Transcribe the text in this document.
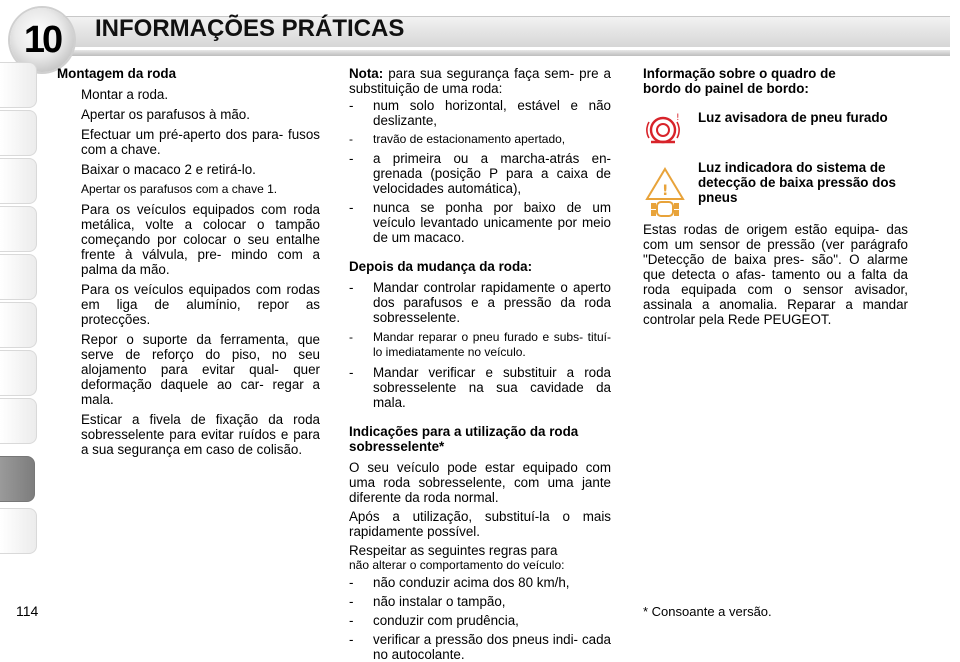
10	INFORMAÇÕES PRÁTICAS
114

Montagem da roda

Montar a roda.
Apertar os parafusos à mão.
Efectuar um pré-aperto dos para- fusos com a chave.
Baixar o macaco 2 e retirá-lo.
Apertar os parafusos com a chave 1.
Para os veículos equipados com roda metálica, volte a colocar o tampão começando por colocar o seu entalhe frente à válvula, pre- mindo com a palma da mão.
Para os veículos equipados com rodas em liga de alumínio, repor as protecções.
Repor o suporte da ferramenta, que serve de reforço do piso, no seu alojamento para evitar qual- quer deformação daquele ao car- regar a mala.
Esticar a fivela de fixação da roda sobresselente para evitar ruídos e para a sua segurança em caso de colisão.

Nota: para sua segurança faça sem- pre a substituição de uma roda:

- num solo horizontal, estável e não deslizante,
- travão de estacionamento apertado,
- a primeira ou a marcha-atrás en- grenada (posição P para a caixa de velocidades automática),
- nunca se ponha por baixo de um veículo levantado unicamente por meio de um macaco.

Depois da mudança da roda:

- Mandar controlar rapidamente o aperto dos parafusos e a pressão da roda sobresselente.
- Mandar reparar o pneu furado e subs- tituí-lo imediatamente no veículo.
- Mandar verificar e substituir a roda sobresselente na sua cavidade da mala.

Indicações para a utilização da roda sobresselente*

O seu veículo pode estar equipado com uma roda sobresselente, com uma jante diferente da roda normal.

Após a utilização, substituí-la o mais rapidamente possível.

Respeitar as seguintes regras para

não alterar o comportamento do veículo:

- não conduzir acima dos 80 km/h,
- não instalar o tampão,
- conduzir com prudência,
- verificar a pressão dos pneus indi- cada no autocolante.

Informação sobre o quadro de bordo do painel de bordo:

! Luz avisadora de pneu furado
!
Luz indicadora do sistema de detecção de baixa pressão dos pneus

Estas rodas de origem estão equipa- das com um sensor de pressão (ver parágrafo "Detecção de baixa pres- são". O alarme que detecta o afas- tamento ou a falta da roda equipada com o sensor avisador, assinala a anomalia. Reparar a mandar controlar pela Rede PEUGEOT.

* Consoante a versão.
